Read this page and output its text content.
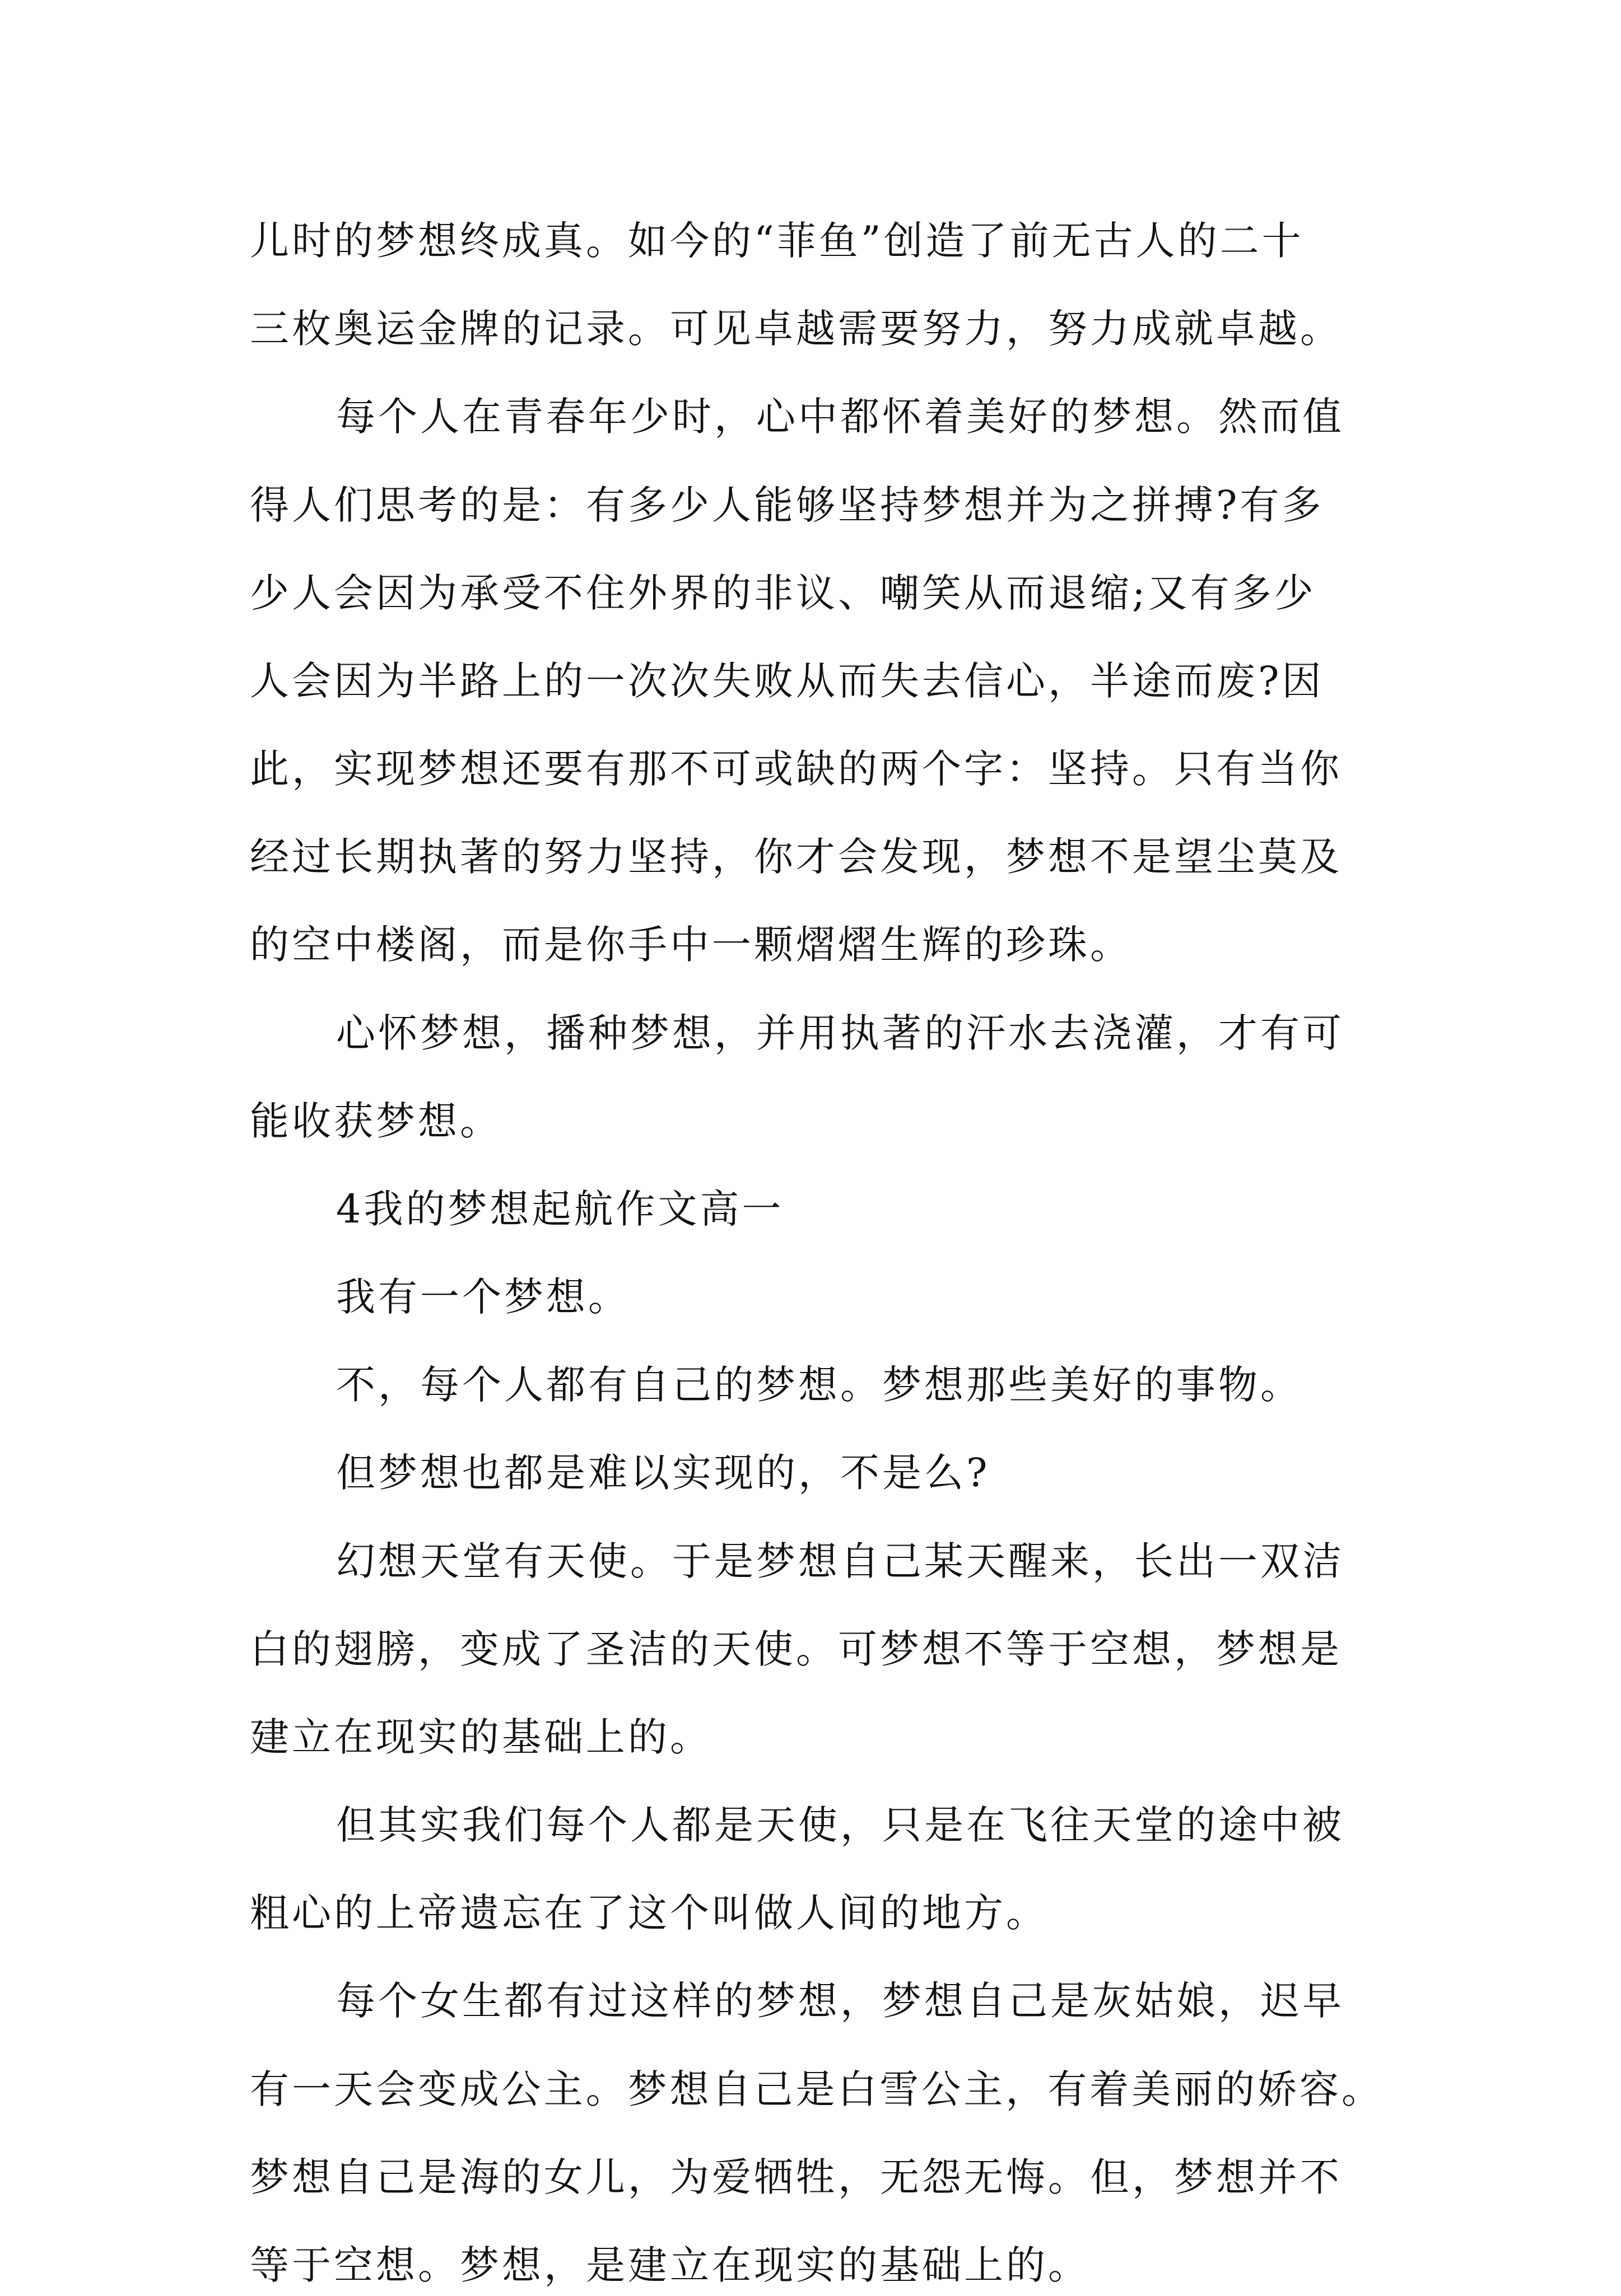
儿时的梦想终成真。如今的“菲鱼”创造了前无古人的二十

三枚奥运金牌的记录。可见卓越需要努力，努力成就卓越。

每个人在青春年少时，心中都怀着美好的梦想。然而值

得人们思考的是：有多少人能够坚持梦想并为之拼搏?有多

少人会因为承受不住外界的非议、嘲笑从而退缩;又有多少

人会因为半路上的一次次失败从而失去信心，半途而废?因

此，实现梦想还要有那不可或缺的两个字：坚持。只有当你

经过长期执著的努力坚持，你才会发现，梦想不是望尘莫及

的空中楼阁，而是你手中一颗熠熠生辉的珍珠。

心怀梦想，播种梦想，并用执著的汗水去浇灌，才有可

能收获梦想。

4我的梦想起航作文高一

我有一个梦想。

不，每个人都有自己的梦想。梦想那些美好的事物。

但梦想也都是难以实现的，不是么?

幻想天堂有天使。于是梦想自己某天醒来，长出一双洁

白的翅膀，变成了圣洁的天使。可梦想不等于空想，梦想是

建立在现实的基础上的。

但其实我们每个人都是天使，只是在飞往天堂的途中被

粗心的上帝遗忘在了这个叫做人间的地方。

每个女生都有过这样的梦想，梦想自己是灰姑娘，迟早

有一天会变成公主。梦想自己是白雪公主，有着美丽的娇容。

梦想自己是海的女儿，为爱牺牲，无怨无悔。但，梦想并不

等于空想。梦想，是建立在现实的基础上的。
